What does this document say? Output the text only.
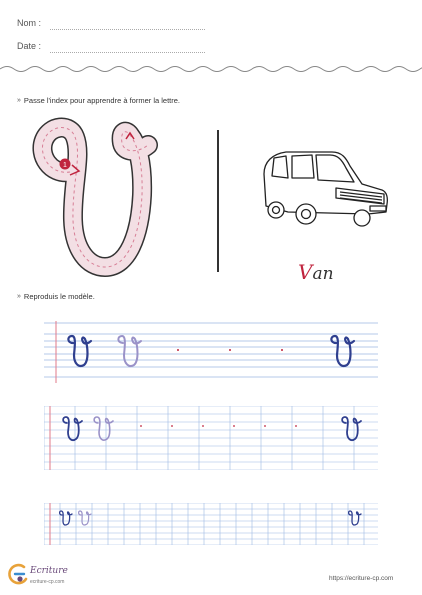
Nom :
Date :
» Passe l'index pour apprendre à former la lettre.
1
Van
» Reproduis le modèle.
Ecriture
ecriture-cp.com	https://ecriture-cp.com
